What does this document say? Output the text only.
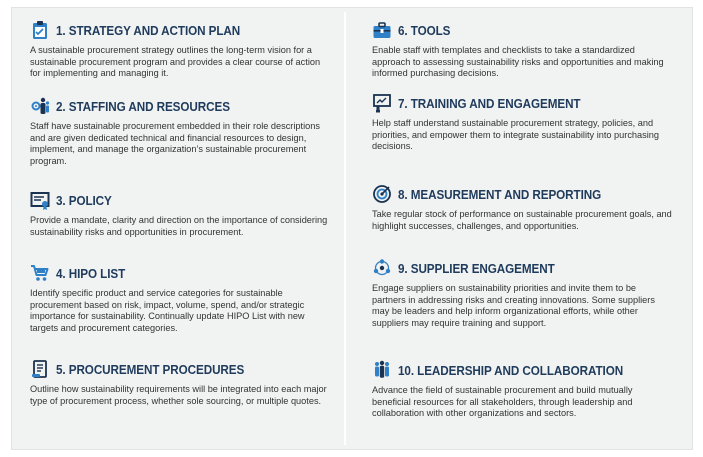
1. STRATEGY AND ACTION PLAN
A sustainable procurement strategy outlines the long-term vision for a sustainable procurement program and provides a clear course of action for implementing and managing it.
2. STAFFING AND RESOURCES
Staff have sustainable procurement embedded in their role descriptions and are given dedicated technical and financial resources to design, implement, and manage the organization’s sustainable procurement program.
3. POLICY
Provide a mandate, clarity and direction on the importance of considering sustainability risks and opportunities in procurement.
4. HIPO LIST
Identify specific product and service categories for sustainable procurement based on risk, impact, volume, spend, and/or strategic importance for sustainability. Continually update HIPO List with new targets and procurement categories.
5. PROCUREMENT PROCEDURES
Outline how sustainability requirements will be integrated into each major type of procurement process, whether sole sourcing, or multiple quotes.
6. TOOLS
Enable staff with templates and checklists to take a standardized approach to assessing sustainability risks and opportunities and making informed purchasing decisions.
7. TRAINING AND ENGAGEMENT
Help staff understand sustainable procurement strategy, policies, and priorities, and empower them to integrate sustainability into purchasing decisions.
8. MEASUREMENT AND REPORTING
Take regular stock of performance on sustainable procurement goals, and highlight successes, challenges, and opportunities.
9. SUPPLIER ENGAGEMENT
Engage suppliers on sustainability priorities and invite them to be partners in addressing risks and creating innovations. Some suppliers may be leaders and help inform organizational efforts, while other suppliers may require training and support.
10. LEADERSHIP AND COLLABORATION
Advance the field of sustainable procurement and build mutually beneficial resources for all stakeholders, through leadership and collaboration with other organizations and sectors.
